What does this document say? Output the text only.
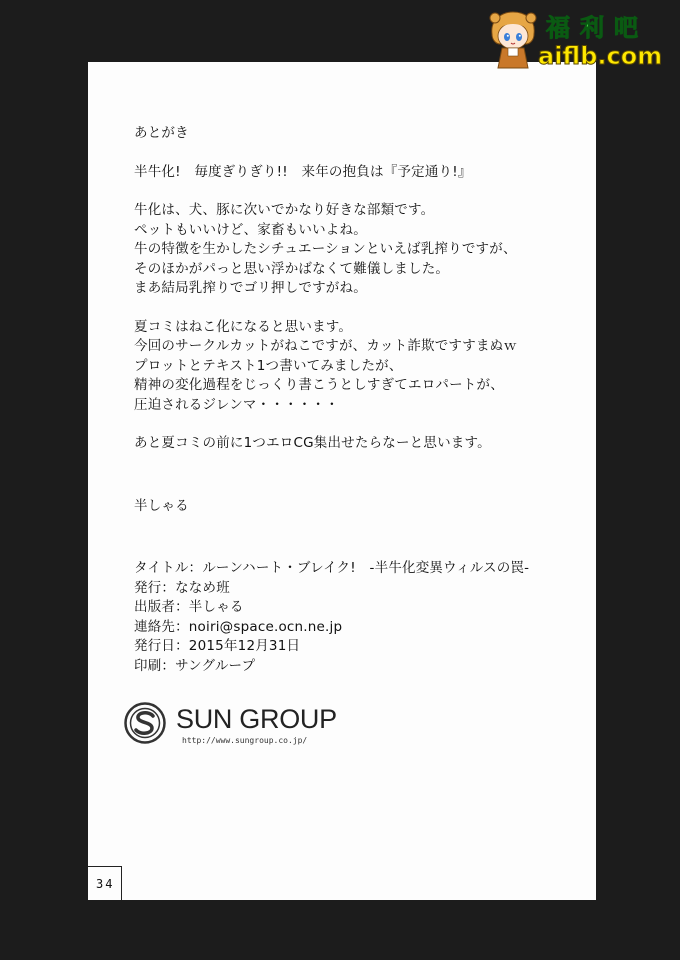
あとがき

半牛化!　毎度ぎりぎり!!　来年の抱負は『予定通り!』

牛化は、犬、豚に次いでかなり好きな部類です。

ペットもいいけど、家畜もいいよね。

牛の特徴を生かしたシチュエーションといえば乳搾りですが、

そのほかがパっと思い浮かばなくて難儀しました。

まあ結局乳搾りでゴリ押しですがね。

夏コミはねこ化になると思います。

今回のサークルカットがねこですが、カット詐欺ですすまぬｗ

プロットとテキスト1つ書いてみましたが、

精神の変化過程をじっくり書こうとしすぎてエロパートが、

圧迫されるジレンマ・・・・・・

あと夏コミの前に1つエロCG集出せたらなーと思います。

半しゃる

タイトル：ルーンハート・ブレイク!　-半牛化変異ウィルスの罠-

発行：ななめ班

出版者：半しゃる

連絡先：noiri@space.ocn.ne.jp

発行日：2015年12月31日

印刷：サングループ

SUN GROUP
http://www.sungroup.co.jp/
34
福利吧
aiflb.com
